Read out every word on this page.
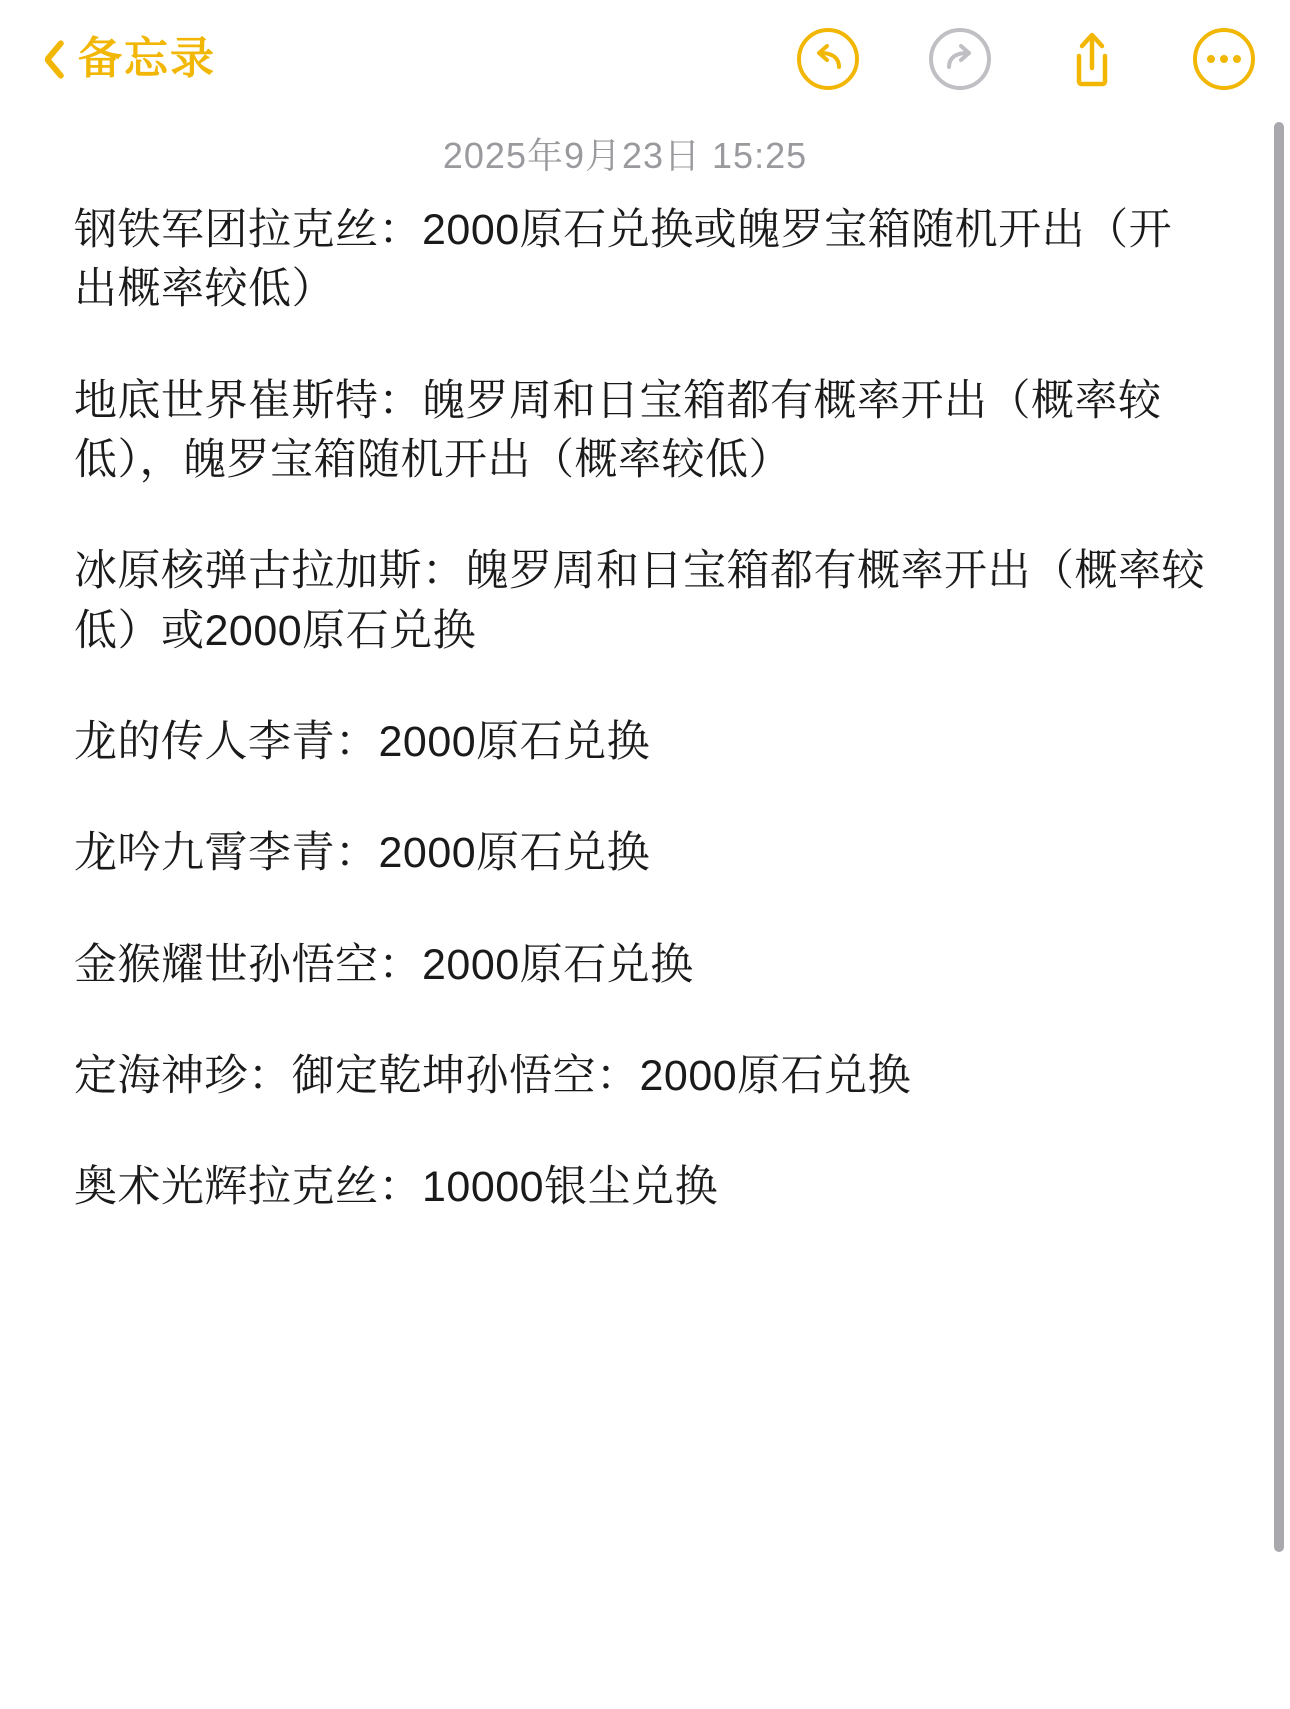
备忘录
2025年9月23日 15:25

钢铁军团拉克丝：2000原石兑换或魄罗宝箱随机开出（开出概率较低）

地底世界崔斯特：魄罗周和日宝箱都有概率开出（概率较低），魄罗宝箱随机开出（概率较低）

冰原核弹古拉加斯：魄罗周和日宝箱都有概率开出（概率较低）或2000原石兑换

龙的传人李青：2000原石兑换

龙吟九霄李青：2000原石兑换

金猴耀世孙悟空：2000原石兑换

定海神珍：御定乾坤孙悟空：2000原石兑换

奥术光辉拉克丝：10000银尘兑换
